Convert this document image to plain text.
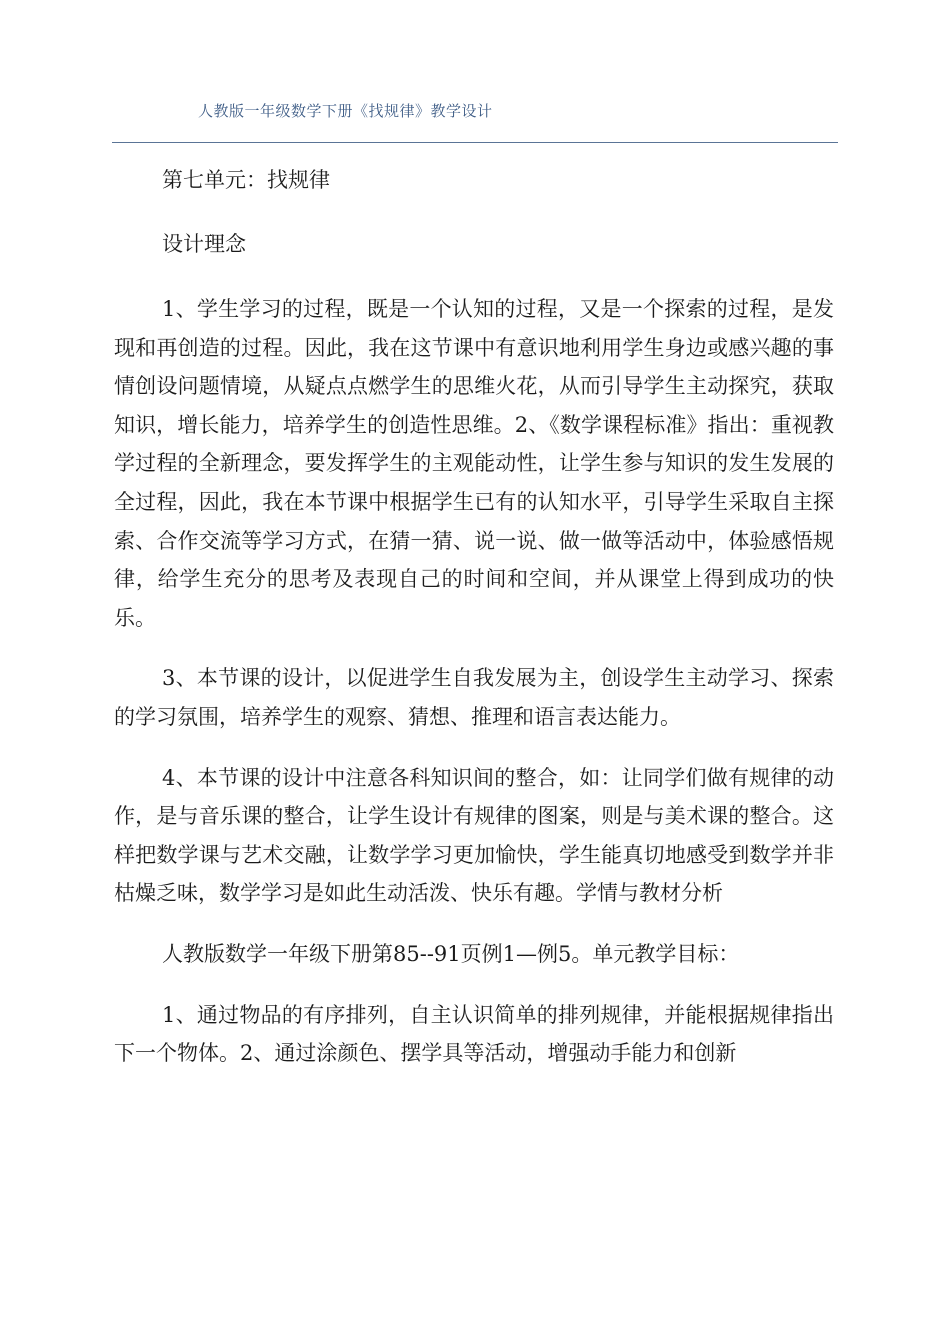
人教版一年级数学下册《找规律》教学设计

第七单元：找规律

设计理念

1、学生学习的过程，既是一个认知的过程，又是一个探索的过程，是发现和再创造的过程。因此，我在这节课中有意识地利用学生身边或感兴趣的事情创设问题情境，从疑点点燃学生的思维火花，从而引导学生主动探究，获取知识，增长能力，培养学生的创造性思维。2、《数学课程标准》指出：重视教学过程的全新理念，要发挥学生的主观能动性，让学生参与知识的发生发展的全过程，因此，我在本节课中根据学生已有的认知水平，引导学生采取自主探索、合作交流等学习方式，在猜一猜、说一说、做一做等活动中，体验感悟规律，给学生充分的思考及表现自己的时间和空间，并从课堂上得到成功的快乐。

3、本节课的设计，以促进学生自我发展为主，创设学生主动学习、探索的学习氛围，培养学生的观察、猜想、推理和语言表达能力。

4、本节课的设计中注意各科知识间的整合，如：让同学们做有规律的动作，是与音乐课的整合，让学生设计有规律的图案，则是与美术课的整合。这样把数学课与艺术交融，让数学学习更加愉快，学生能真切地感受到数学并非枯燥乏味，数学学习是如此生动活泼、快乐有趣。学情与教材分析

人教版数学一年级下册第85--91页例1—例5。单元教学目标：

1、通过物品的有序排列，自主认识简单的排列规律，并能根据规律指出下一个物体。2、通过涂颜色、摆学具等活动，增强动手能力和创新
